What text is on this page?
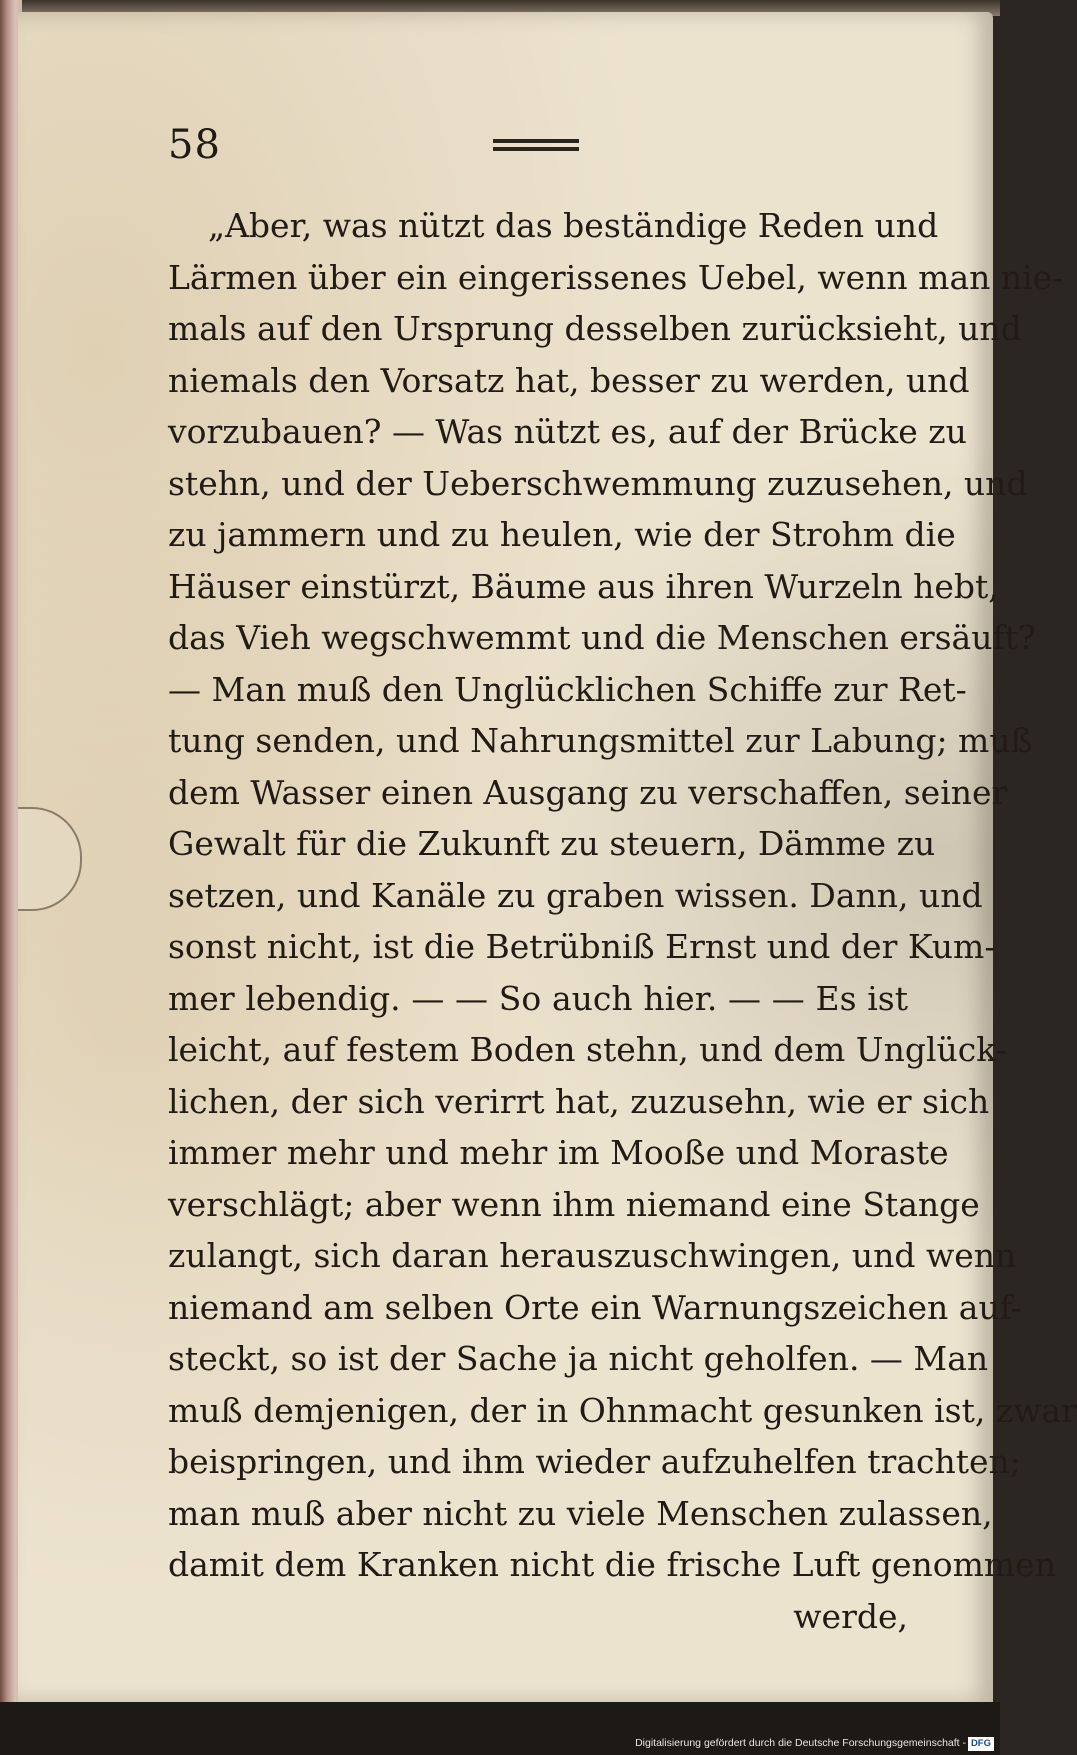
58
„Aber, was nützt das beständige Reden und
Lärmen über ein eingerissenes Uebel, wenn man nie-
mals auf den Ursprung desselben zurücksieht, und
niemals den Vorsatz hat, besser zu werden, und
vorzubauen? — Was nützt es, auf der Brücke zu
stehn, und der Ueberschwemmung zuzusehen, und
zu jammern und zu heulen, wie der Strohm die
Häuser einstürzt, Bäume aus ihren Wurzeln hebt,
das Vieh wegschwemmt und die Menschen ersäuft?
— Man muß den Unglücklichen Schiffe zur Ret-
tung senden, und Nahrungsmittel zur Labung; muß
dem Wasser einen Ausgang zu verschaffen, seiner
Gewalt für die Zukunft zu steuern, Dämme zu
setzen, und Kanäle zu graben wissen. Dann, und
sonst nicht, ist die Betrübniß Ernst und der Kum-
mer lebendig. — — So auch hier. — — Es ist
leicht, auf festem Boden stehn, und dem Unglück-
lichen, der sich verirrt hat, zuzusehn, wie er sich
immer mehr und mehr im Mooße und Moraste
verschlägt; aber wenn ihm niemand eine Stange
zulangt, sich daran herauszuschwingen, und wenn
niemand am selben Orte ein Warnungszeichen auf-
steckt, so ist der Sache ja nicht geholfen. — Man
muß demjenigen, der in Ohnmacht gesunken ist, zwar
beispringen, und ihm wieder aufzuhelfen trachten;
man muß aber nicht zu viele Menschen zulassen,
damit dem Kranken nicht die frische Luft genommen
werde,
Digitalisierung gefördert durch die Deutsche Forschungsgemeinschaft - DFG
